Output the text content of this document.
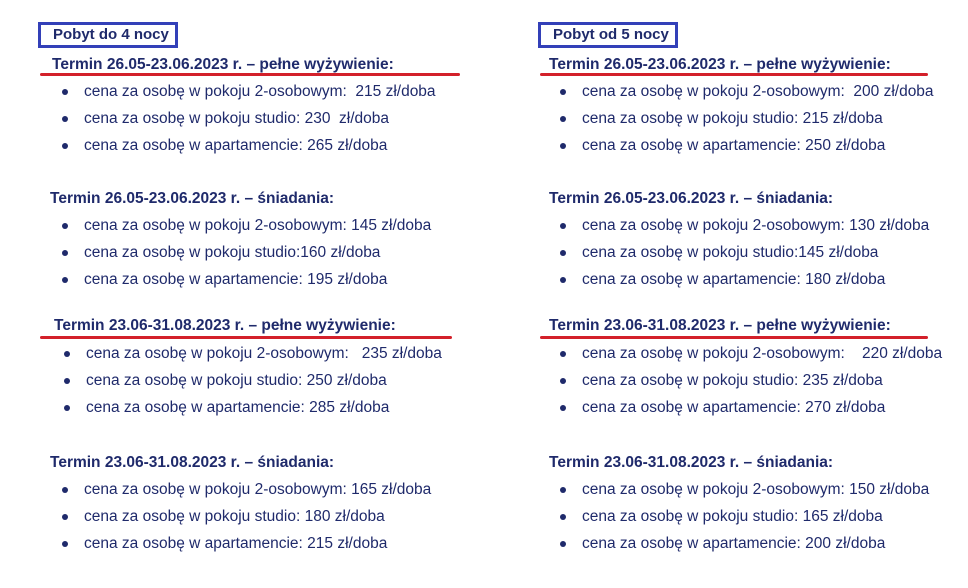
Pobyt do 4 nocy
Termin 26.05-23.06.2023 r. – pełne wyżywienie:
cena za osobę w pokoju 2-osobowym:  215 zł/doba
cena za osobę w pokoju studio: 230  zł/doba
cena za osobę w apartamencie: 265 zł/doba
Termin 26.05-23.06.2023 r. – śniadania:
cena za osobę w pokoju 2-osobowym: 145 zł/doba
cena za osobę w pokoju studio:160 zł/doba
cena za osobę w apartamencie: 195 zł/doba
Termin 23.06-31.08.2023 r. – pełne wyżywienie:
cena za osobę w pokoju 2-osobowym:   235 zł/doba
cena za osobę w pokoju studio: 250 zł/doba
cena za osobę w apartamencie: 285 zł/doba
Termin 23.06-31.08.2023 r. – śniadania:
cena za osobę w pokoju 2-osobowym: 165 zł/doba
cena za osobę w pokoju studio: 180 zł/doba
cena za osobę w apartamencie: 215 zł/doba
Pobyt od 5 nocy
Termin 26.05-23.06.2023 r. – pełne wyżywienie:
cena za osobę w pokoju 2-osobowym:  200 zł/doba
cena za osobę w pokoju studio: 215 zł/doba
cena za osobę w apartamencie: 250 zł/doba
Termin 26.05-23.06.2023 r. – śniadania:
cena za osobę w pokoju 2-osobowym: 130 zł/doba
cena za osobę w pokoju studio:145 zł/doba
cena za osobę w apartamencie: 180 zł/doba
Termin 23.06-31.08.2023 r. – pełne wyżywienie:
cena za osobę w pokoju 2-osobowym:    220 zł/doba
cena za osobę w pokoju studio: 235 zł/doba
cena za osobę w apartamencie: 270 zł/doba
Termin 23.06-31.08.2023 r. – śniadania:
cena za osobę w pokoju 2-osobowym: 150 zł/doba
cena za osobę w pokoju studio: 165 zł/doba
cena za osobę w apartamencie: 200 zł/doba
